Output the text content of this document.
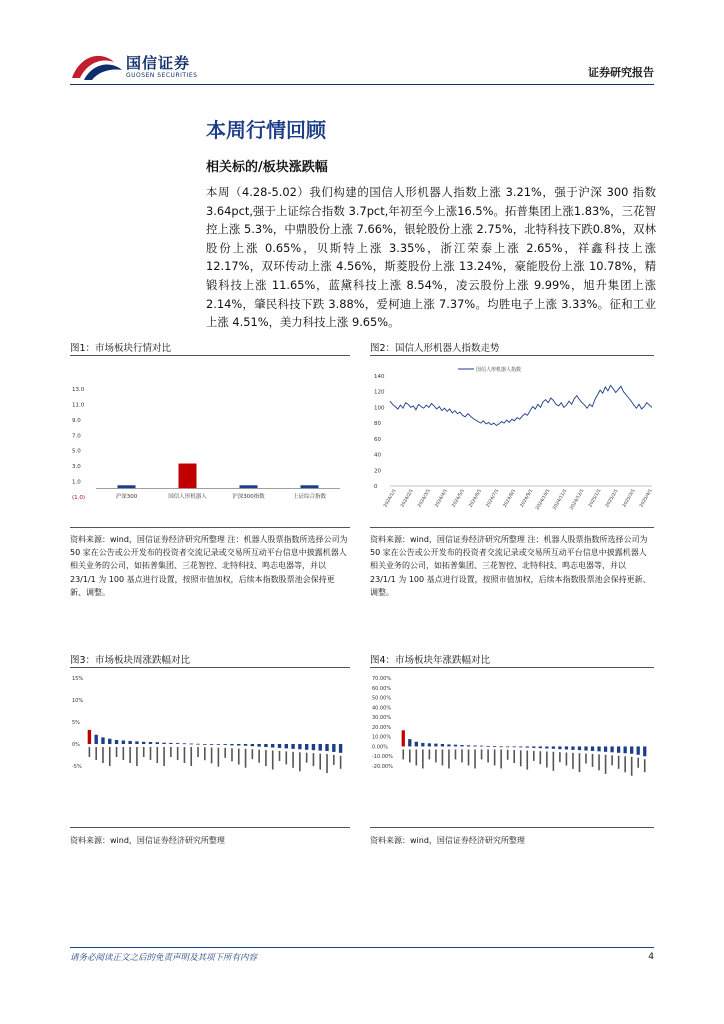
国信证券
GUOSEN SECURITIES	证券研究报告
本周行情回顾
相关标的/板块涨跌幅
本周（4.28-5.02）我们构建的国信人形机器人指数上涨 3.21%，强于沪深 300 指数 3.64pct,强于上证综合指数 3.7pct,年初至今上涨16.5%。拓普集团上涨1.83%，三花智控上涨 5.3%，中鼎股份上涨 7.66%，银轮股份上涨 2.75%，北特科技下跌0.8%，双林股份上涨 0.65%，贝斯特上涨 3.35%，浙江荣泰上涨 2.65%，祥鑫科技上涨 12.17%，双环传动上涨 4.56%，斯菱股份上涨 13.24%，豪能股份上涨 10.78%，精锻科技上涨 11.65%，蓝黛科技上涨 8.54%，凌云股份上涨 9.99%，旭升集团上涨 2.14%，肇民科技下跌 3.88%，爱柯迪上涨 7.37%。均胜电子上涨 3.33%。征和工业上涨 4.51%，美力科技上涨 9.65%。
图1：市场板块行情对比
13.0
11.0
9.0
7.0
5.0
3.0
1.0
(1.0)	沪深300	国信人形机器人	沪深300指数	上证综合指数
资料来源：wind，国信证券经济研究所整理 注：机器人股票指数所选择公司为 50 家在公告或公开发布的投资者交流记录或交易所互动平台信息中披露机器人相关业务的公司，如拓普集团、三花智控、北特科技、鸣志电器等，并以 23/1/1 为 100 基点进行设置，按照市值加权，后续本指数股票池会保持更新、调整。
图2：国信人形机器人指数走势
国信人形机器人指数
140
120
100
80
60
40
20
0
2024/1/1 2024/2/1 2024/3/1 2024/4/1 2024/5/1 2024/6/1 2024/7/1 2024/8/1 2024/9/1 2024/10/1 2024/11/1 2024/12/1 2025/1/1 2025/2/1 2025/3/1 2025/4/1
资料来源：wind，国信证券经济研究所整理 注：机器人股票指数所选择公司为 50 家在公告或公开发布的投资者交流记录或交易所互动平台信息中披露机器人相关业务的公司，如拓普集团、三花智控、北特科技、鸣志电器等，并以 23/1/1 为 100 基点进行设置，按照市值加权，后续本指数股票池会保持更新、调整。
图3：市场板块周涨跌幅对比
15%
10%
5%
0%
-5%
资料来源：wind，国信证券经济研究所整理
图4：市场板块年涨跌幅对比
70.00%
60.00%
50.00%
40.00%
30.00%
20.00%
10.00%
0.00%
-10.00%
-20.00%
资料来源：wind，国信证券经济研究所整理
请务必阅读正文之后的免责声明及其项下所有内容	4
